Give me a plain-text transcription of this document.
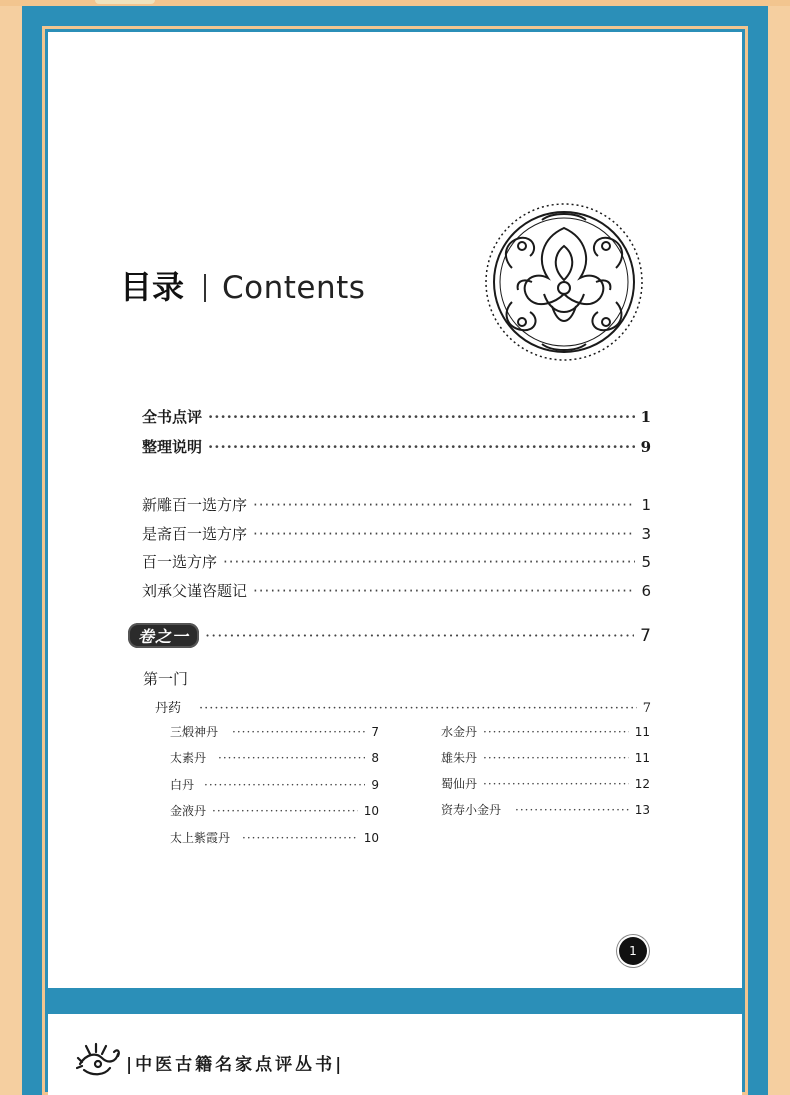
目录 Contents
全书点评 ·····	1
整理说明 ·····	9
新雕百一选方序 ·····	1
是斋百一选方序 ·····	3
百一选方序 ·····	5
刘承父谨咨题记 ·····	6
卷之一 ·····	7
第一门
丹药 ·····	7
三煅神丹 ·····	7
太素丹 ·····	8
白丹 ·····	9
金液丹 ·····	10
太上紫霞丹 ·····	10
水金丹 ·····	11
雄朱丹 ·····	11
蜀仙丹 ·····	12
资寿小金丹 ·····	13
1
|中医古籍名家点评丛书|
